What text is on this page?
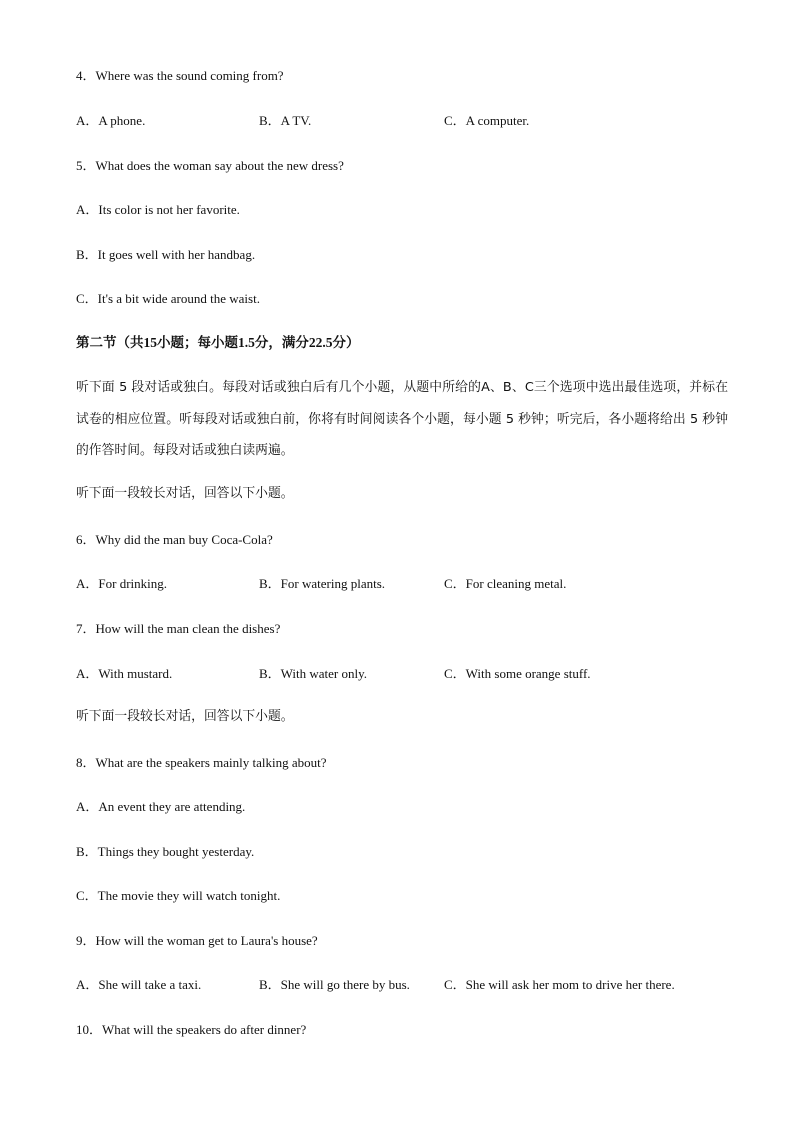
4．Where was the sound coming from?
A．A phone.	B．A TV.	C．A computer.
5．What does the woman say about the new dress?
A．Its color is not her favorite.
B．It goes well with her handbag.
C．It's a bit wide around the waist.
第二节（共15小题；每小题1.5分，满分22.5分）
听下面 5 段对话或独白。每段对话或独白后有几个小题，从题中所给的A、B、C三个选项中选出最佳选项，并标在试卷的相应位置。听每段对话或独白前，你将有时间阅读各个小题，每小题 5 秒钟；听完后，各小题将给出 5 秒钟的作答时间。每段对话或独白读两遍。
听下面一段较长对话，回答以下小题。
6．Why did the man buy Coca-Cola?
A．For drinking.	B．For watering plants.	C．For cleaning metal.
7．How will the man clean the dishes?
A．With mustard.	B．With water only.	C．With some orange stuff.
听下面一段较长对话，回答以下小题。
8．What are the speakers mainly talking about?
A．An event they are attending.
B．Things they bought yesterday.
C．The movie they will watch tonight.
9．How will the woman get to Laura's house?
A．She will take a taxi.	B．She will go there by bus.	C．She will ask her mom to drive her there.
10．What will the speakers do after dinner?
